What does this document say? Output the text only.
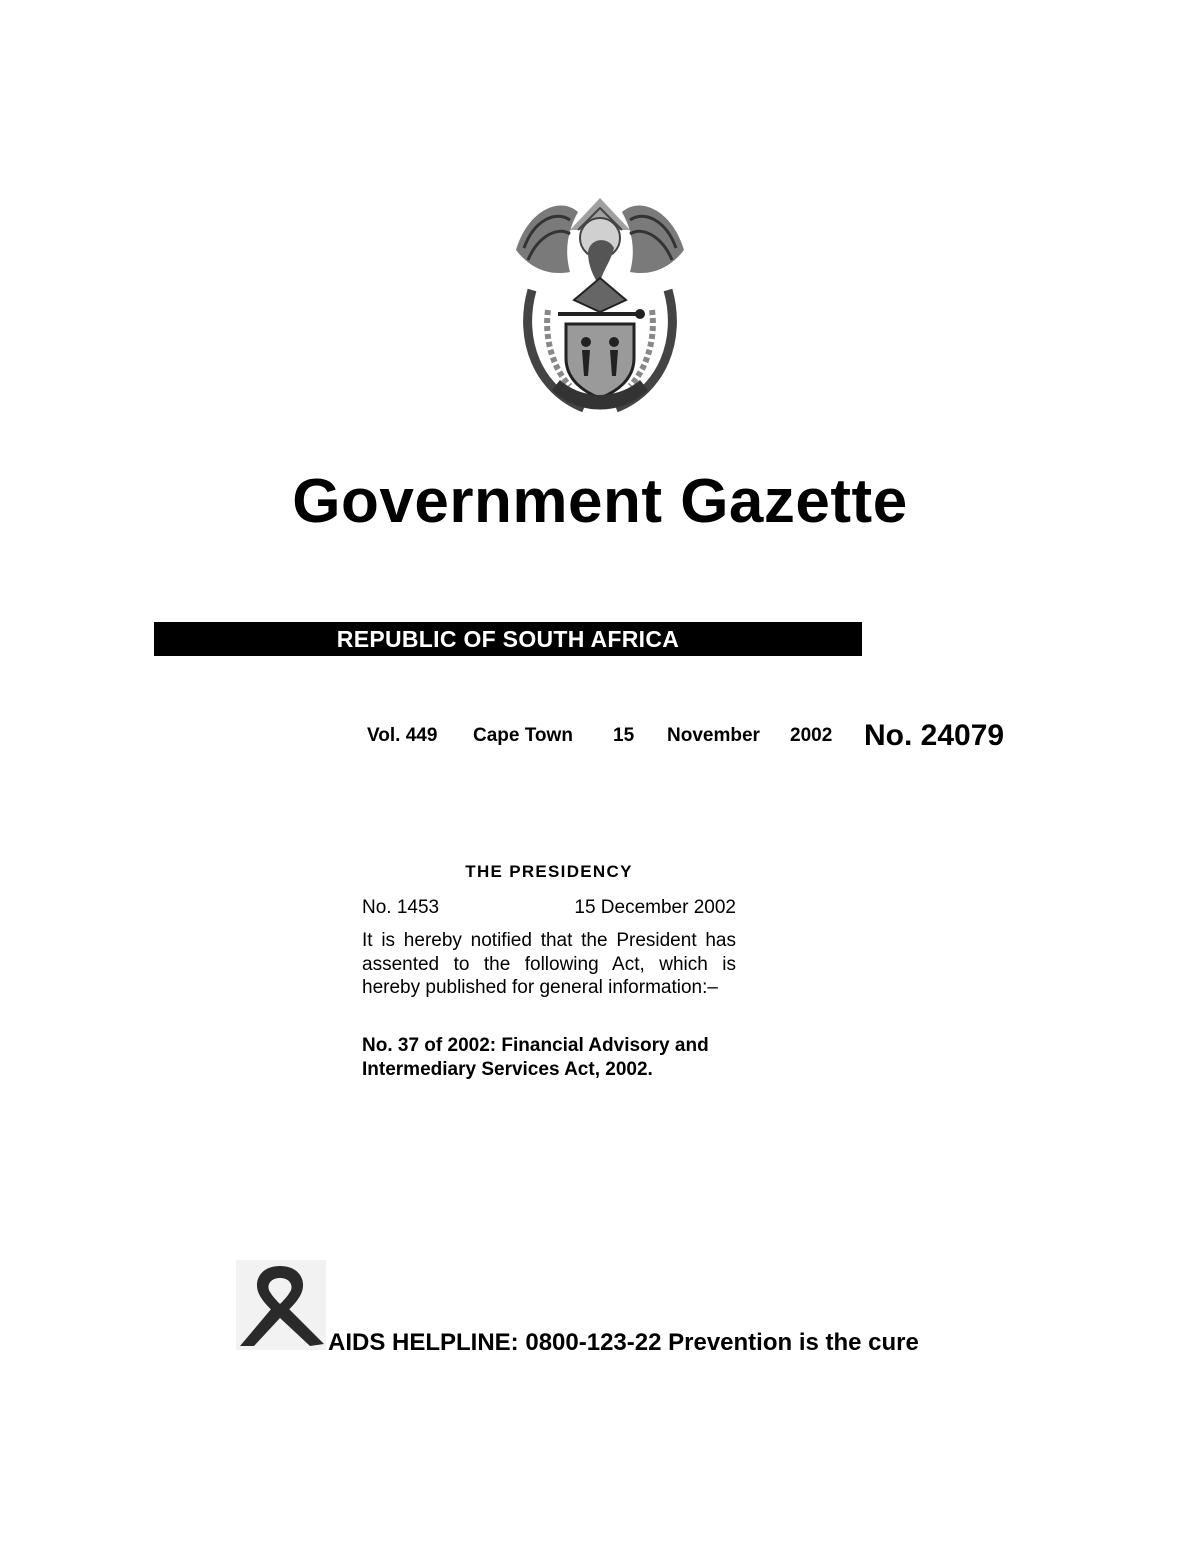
Government Gazette
REPUBLIC OF SOUTH AFRICA
Vol. 449 Cape Town 15 November 2002 No. 24079
THE PRESIDENCY
No. 1453	15 December 2002

It is hereby notified that the President has assented to the following Act, which is hereby published for general information:–

No. 37 of 2002: Financial Advisory and Intermediary Services Act, 2002.

AIDS HELPLINE: 0800-123-22 Prevention is the cure
